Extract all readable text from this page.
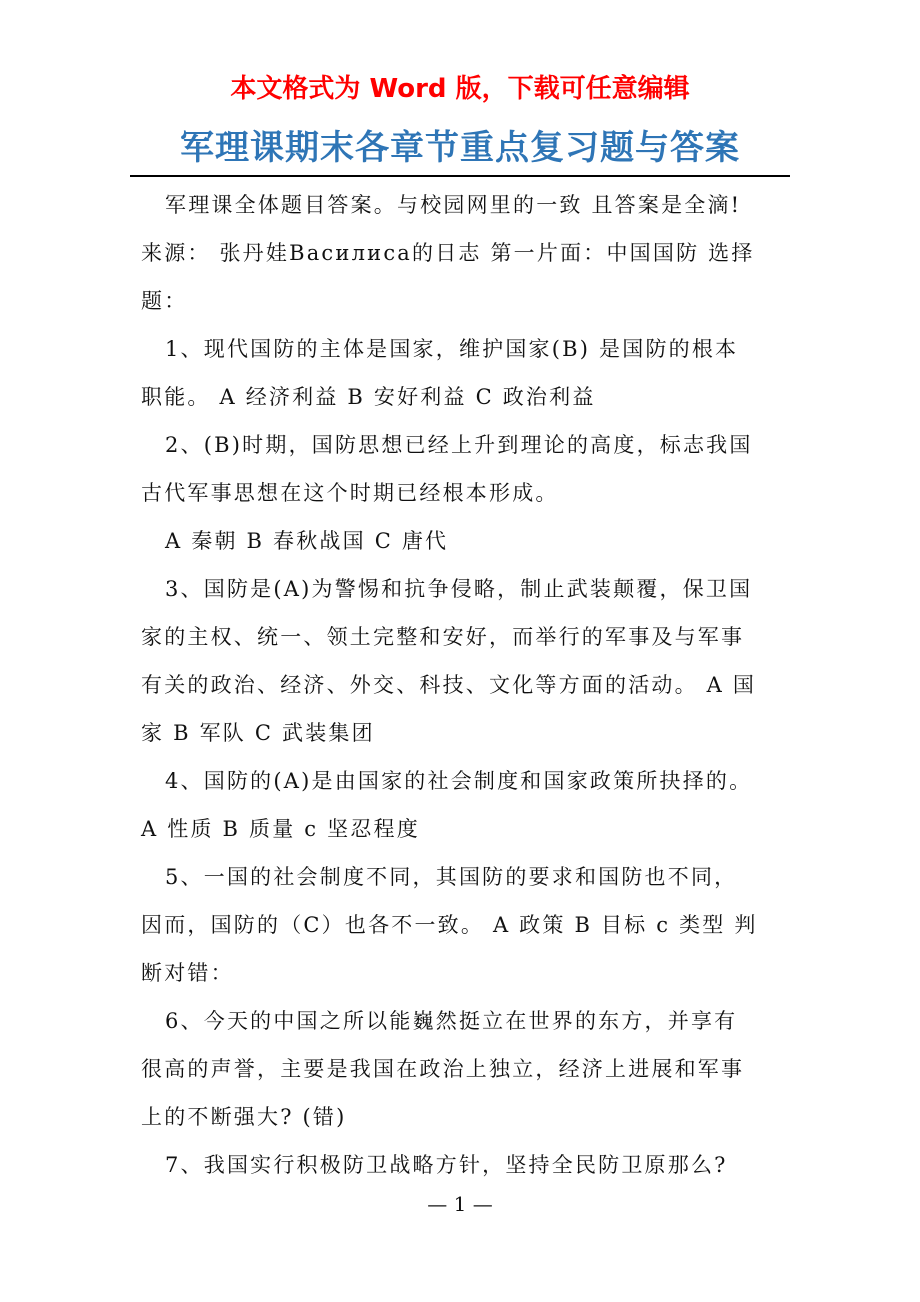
本文格式为 Word 版，下载可任意编辑
军理课期末各章节重点复习题与答案
军理课全体题目答案。与校园网里的一致 且答案是全滴!
来源： 张丹娃Василиса的日志 第一片面：中国国防 选择
题：
1、现代国防的主体是国家，维护国家(B) 是国防的根本
职能。 A 经济利益 B 安好利益 C 政治利益
2、(B)时期，国防思想已经上升到理论的高度，标志我国
古代军事思想在这个时期已经根本形成。
A 秦朝 B 春秋战国 C 唐代
3、国防是(A)为警惕和抗争侵略，制止武装颠覆，保卫国
家的主权、统一、领土完整和安好，而举行的军事及与军事
有关的政治、经济、外交、科技、文化等方面的活动。 A 国
家 B 军队 C 武装集团
4、国防的(A)是由国家的社会制度和国家政策所抉择的。
A 性质 B 质量 c 坚忍程度
5、一国的社会制度不同，其国防的要求和国防也不同，
因而，国防的（C）也各不一致。 A 政策 B 目标 c 类型 判
断对错：
6、今天的中国之所以能巍然挺立在世界的东方，并享有
很高的声誉，主要是我国在政治上独立，经济上进展和军事
上的不断强大? (错)
7、我国实行积极防卫战略方针，坚持全民防卫原那么?
— 1 —
